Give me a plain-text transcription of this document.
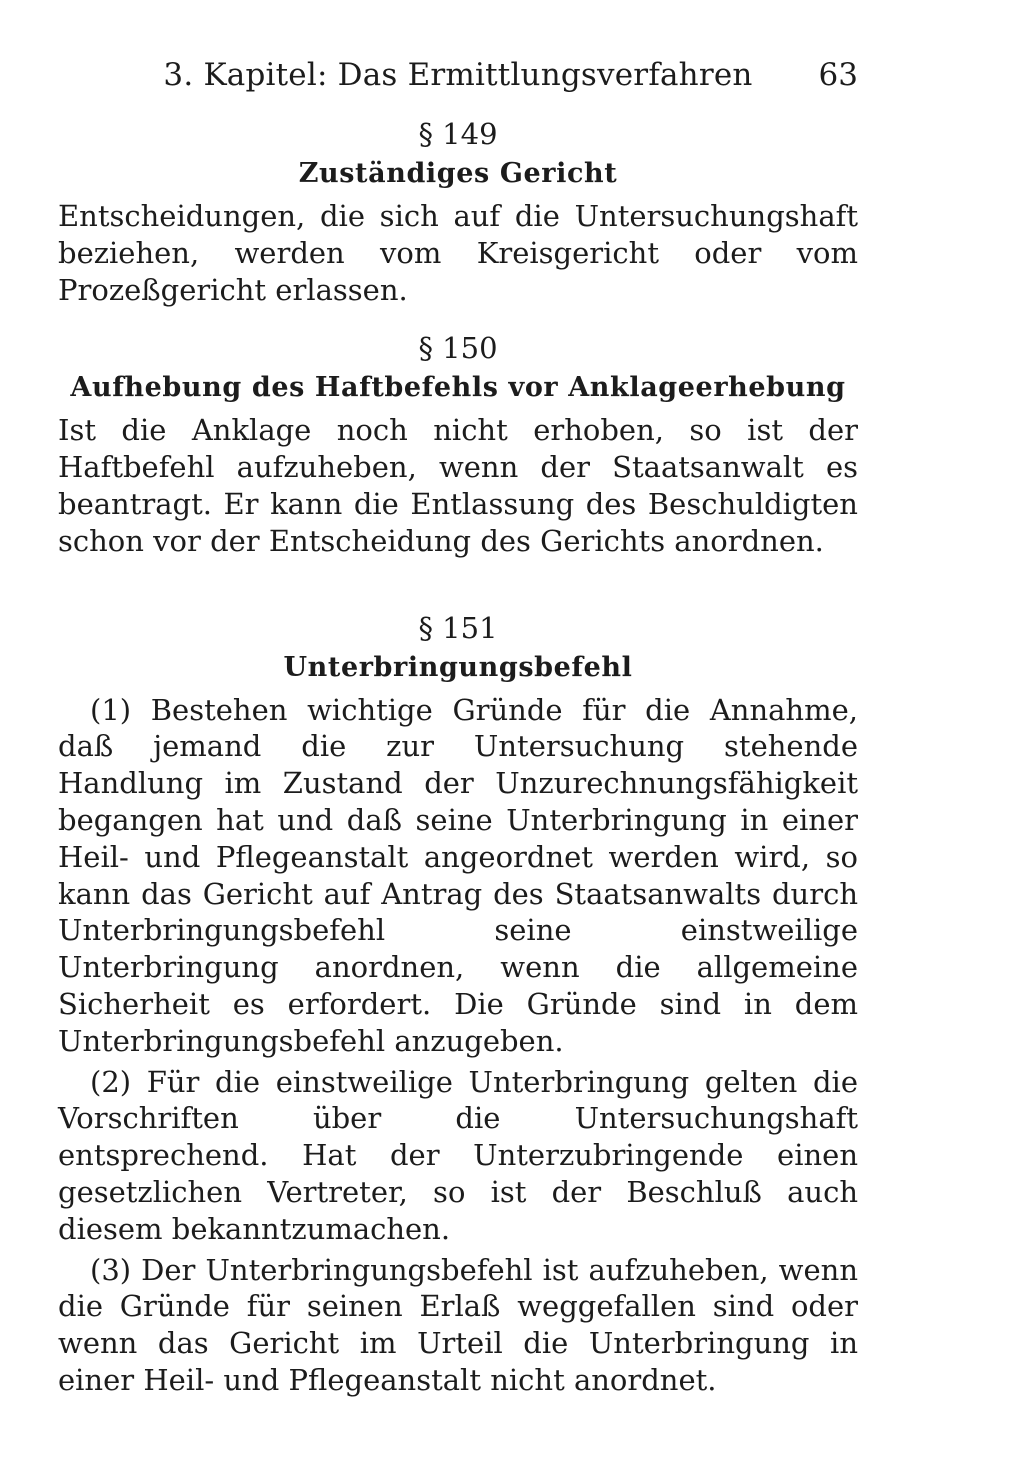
3. Kapitel: Das Ermittlungsverfahren	63

§ 149

Zuständiges Gericht

Entscheidungen, die sich auf die Untersuchungshaft beziehen, werden vom Kreisgericht oder vom Prozeßgericht erlassen.

§ 150

Aufhebung des Haftbefehls vor Anklageerhebung

Ist die Anklage noch nicht erhoben, so ist der Haftbefehl aufzuheben, wenn der Staatsanwalt es beantragt. Er kann die Entlassung des Beschuldigten schon vor der Entscheidung des Gerichts anordnen.

§ 151

Unterbringungsbefehl

(1) Bestehen wichtige Gründe für die Annahme, daß jemand die zur Untersuchung stehende Handlung im Zustand der Unzurechnungsfähigkeit begangen hat und daß seine Unterbringung in einer Heil- und Pflegeanstalt angeordnet werden wird, so kann das Gericht auf Antrag des Staatsanwalts durch Unterbringungsbefehl seine einstweilige Unterbringung anordnen, wenn die allgemeine Sicherheit es erfordert. Die Gründe sind in dem Unterbringungsbefehl anzugeben.

(2) Für die einstweilige Unterbringung gelten die Vorschriften über die Untersuchungshaft entsprechend. Hat der Unterzubringende einen gesetzlichen Vertreter, so ist der Beschluß auch diesem bekanntzumachen.

(3) Der Unterbringungsbefehl ist aufzuheben, wenn die Gründe für seinen Erlaß weggefallen sind oder wenn das Gericht im Urteil die Unterbringung in einer Heil- und Pflegeanstalt nicht anordnet.
